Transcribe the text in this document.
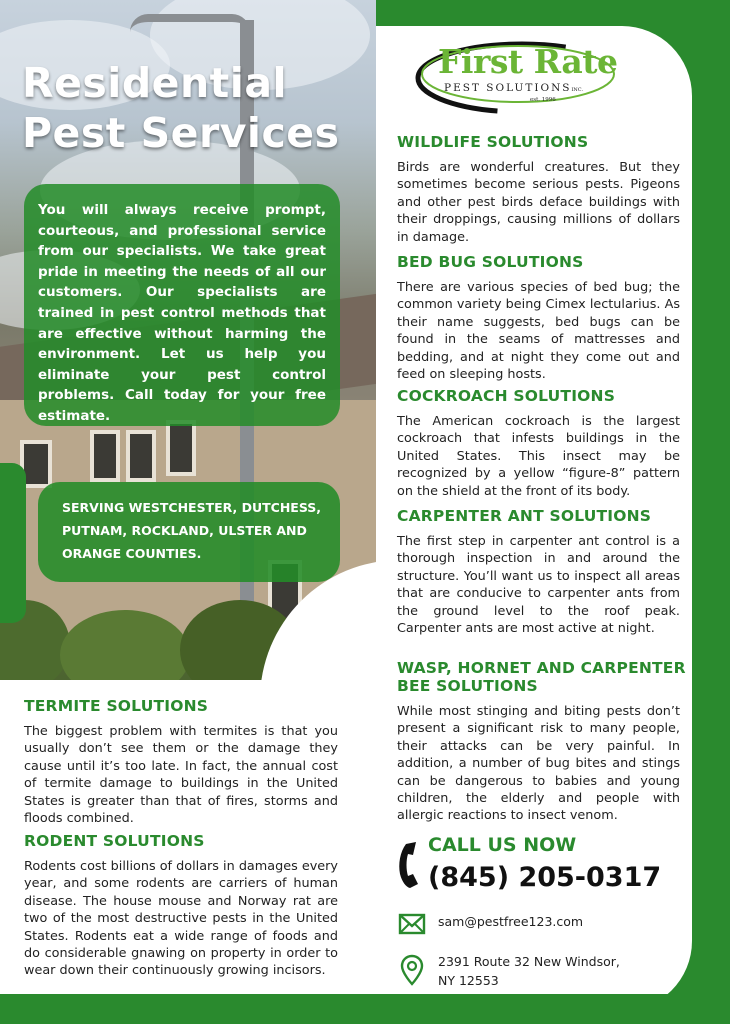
Residential
Pest Services

You will always receive prompt, courteous, and professional service from our specialists. We take great pride in meeting the needs of all our customers. Our specialists are trained in pest control methods that are effective without harming the environment. Let us help you eliminate your pest control problems. Call today for your free estimate.

SERVING WESTCHESTER, DUTCHESS, PUTNAM, ROCKLAND, ULSTER AND ORANGE COUNTIES.

First Rate
PEST SOLUTIONSINC.
est. 1996
TERMITE SOLUTIONS

The biggest problem with termites is that you usually don’t see them or the damage they cause until it’s too late. In fact, the annual cost of termite damage to buildings in the United States is greater than that of fires, storms and floods combined.

RODENT SOLUTIONS

Rodents cost billions of dollars in damages every year, and some rodents are carriers of human disease. The house mouse and Norway rat are two of the most destructive pests in the United States. Rodents eat a wide range of foods and do considerable gnawing on property in order to wear down their continuously growing incisors.

WILDLIFE SOLUTIONS

Birds are wonderful creatures. But they sometimes become serious pests. Pigeons and other pest birds deface buildings with their droppings, causing millions of dollars in damage.

BED BUG SOLUTIONS

There are various species of bed bug; the common variety being Cimex lectularius. As their name suggests, bed bugs can be found in the seams of mattresses and bedding, and at night they come out and feed on sleeping hosts.

COCKROACH SOLUTIONS

The American cockroach is the largest cockroach that infests buildings in the United States. This insect may be recognized by a yellow “figure-8” pattern on the shield at the front of its body.

CARPENTER ANT SOLUTIONS

The first step in carpenter ant control is a thorough inspection in and around the structure. You’ll want us to inspect all areas that are conducive to carpenter ants from the ground level to the roof peak. Carpenter ants are most active at night.

WASP, HORNET AND CARPENTER BEE SOLUTIONS

While most stinging and biting pests don’t present a significant risk to many people, their attacks can be very painful. In addition, a number of bug bites and stings can be dangerous to babies and young children, the elderly and people with allergic reactions to insect venom.

CALL US NOW
(845) 205-0317
sam@pestfree123.com
2391 Route 32 New Windsor,
NY 12553
